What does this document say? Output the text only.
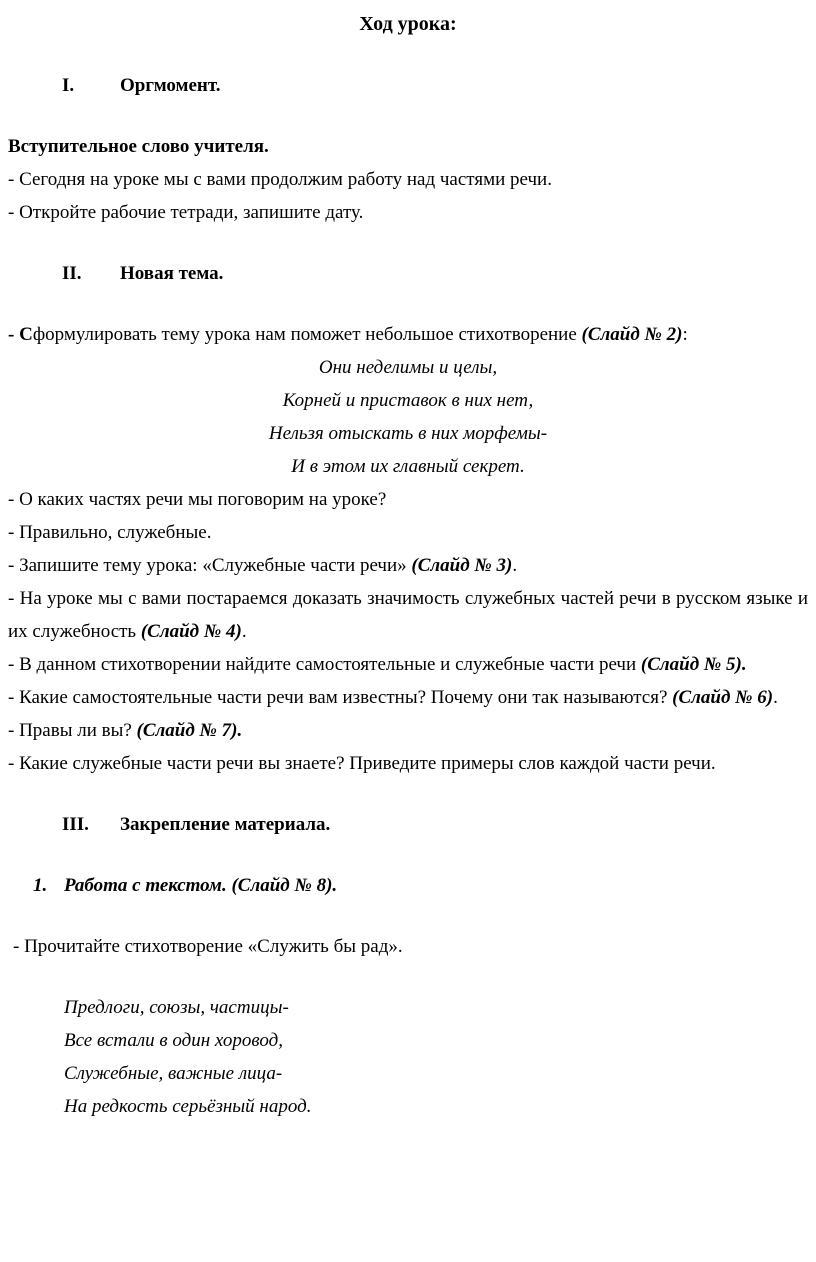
Ход урока:
I. Оргмомент.
Вступительное слово учителя.
- Сегодня на уроке мы с вами продолжим работу над частями речи.
- Откройте рабочие тетради, запишите дату.
II. Новая тема.
- Сформулировать тему урока нам поможет небольшое стихотворение (Слайд № 2):
Они неделимы и целы,
Корней и приставок в них нет,
Нельзя отыскать в них морфемы-
И в этом их главный секрет.
- О каких частях речи мы поговорим на уроке?
- Правильно, служебные.
- Запишите тему урока: «Служебные части речи» (Слайд № 3).
- На уроке мы с вами постараемся доказать значимость служебных частей речи в русском языке и их служебность (Слайд № 4).
- В данном стихотворении найдите самостоятельные и служебные части речи (Слайд № 5).
- Какие самостоятельные части речи вам известны? Почему они так называются? (Слайд № 6).
- Правы ли вы? (Слайд № 7).
- Какие служебные части речи вы знаете? Приведите примеры слов каждой части речи.
III. Закрепление материала.
1. Работа с текстом. (Слайд № 8).
- Прочитайте стихотворение «Служить бы рад».
Предлоги, союзы, частицы-
Все встали в один хоровод,
Служебные, важные лица-
На редкость серьёзный народ.
